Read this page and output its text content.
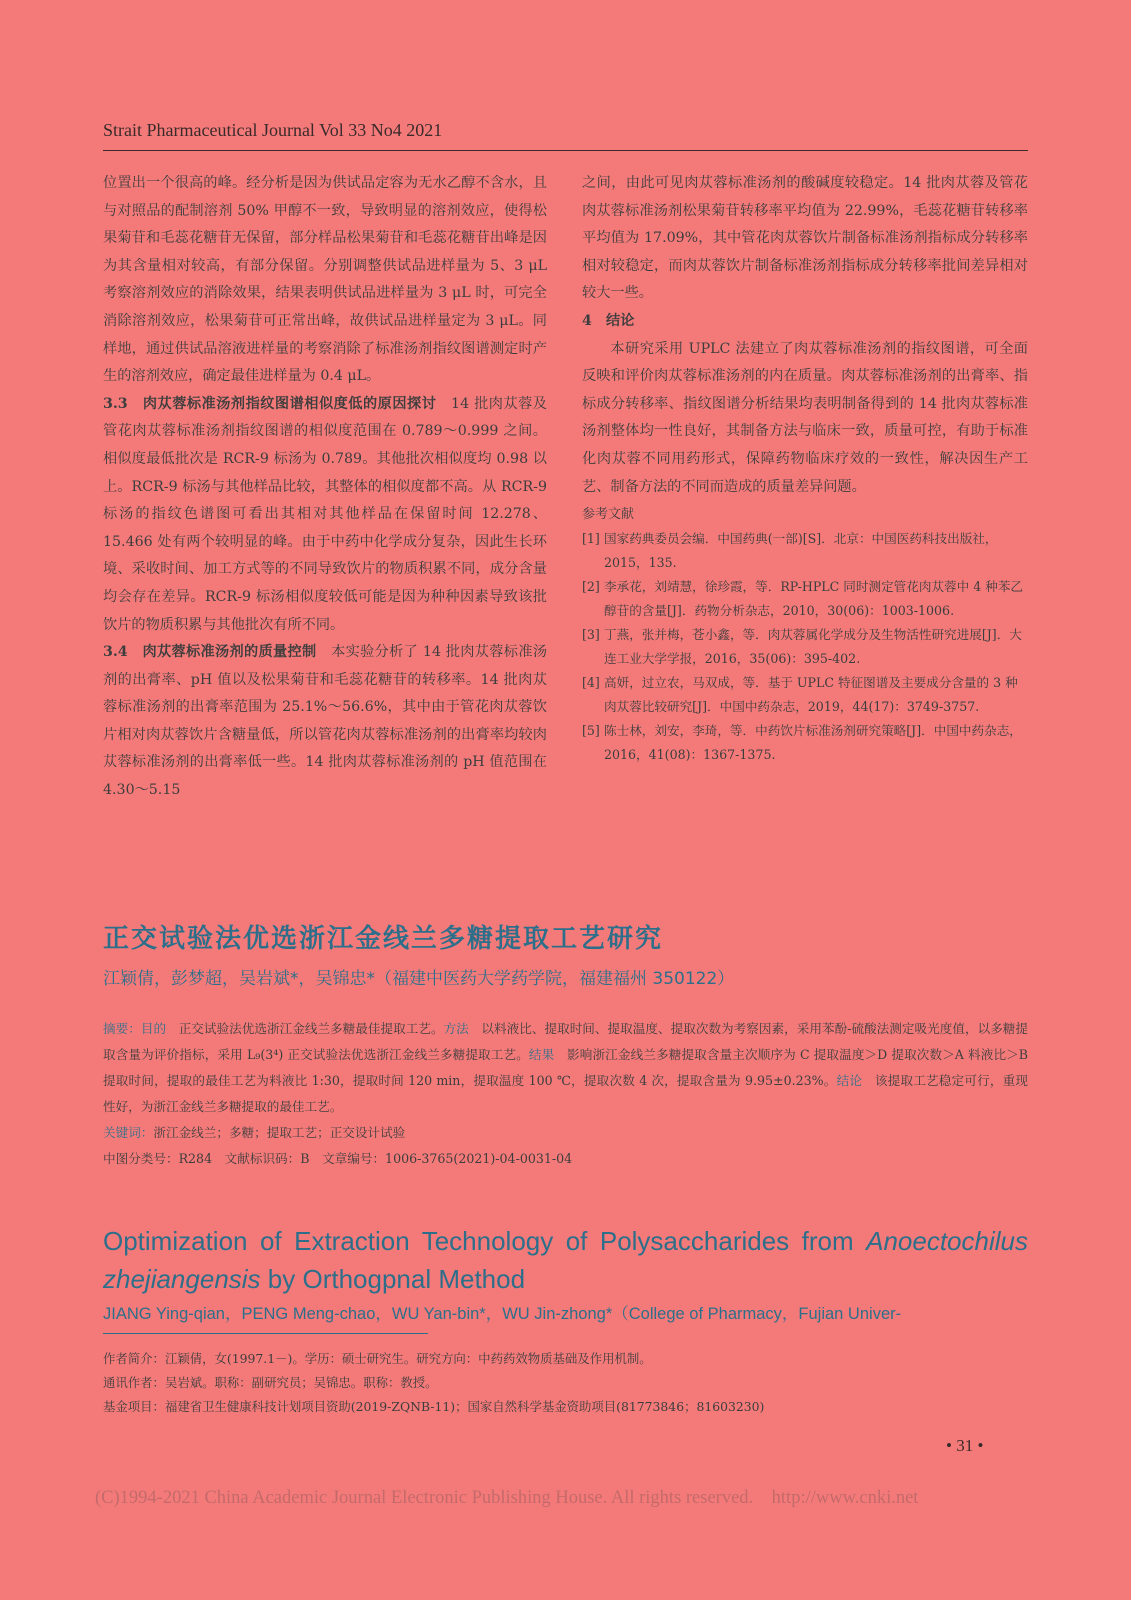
Strait Pharmaceutical Journal Vol 33 No4 2021

位置出一个很高的峰。经分析是因为供试品定容为无水乙醇不含水，且与对照品的配制溶剂 50% 甲醇不一致，导致明显的溶剂效应，使得松果菊苷和毛蕊花糖苷无保留，部分样品松果菊苷和毛蕊花糖苷出峰是因为其含量相对较高，有部分保留。分别调整供试品进样量为 5、3 μL 考察溶剂效应的消除效果，结果表明供试品进样量为 3 μL 时，可完全消除溶剂效应，松果菊苷可正常出峰，故供试品进样量定为 3 μL。同样地，通过供试品溶液进样量的考察消除了标准汤剂指纹图谱测定时产生的溶剂效应，确定最佳进样量为 0.4 μL。

3.3　肉苁蓉标准汤剂指纹图谱相似度低的原因探讨　14 批肉苁蓉及管花肉苁蓉标准汤剂指纹图谱的相似度范围在 0.789～0.999 之间。相似度最低批次是 RCR-9 标汤为 0.789。其他批次相似度均 0.98 以上。RCR-9 标汤与其他样品比较，其整体的相似度都不高。从 RCR-9 标汤的指纹色谱图可看出其相对其他样品在保留时间 12.278、15.466 处有两个较明显的峰。由于中药中化学成分复杂，因此生长环境、采收时间、加工方式等的不同导致饮片的物质积累不同，成分含量均会存在差异。RCR-9 标汤相似度较低可能是因为种种因素导致该批饮片的物质积累与其他批次有所不同。

3.4　肉苁蓉标准汤剂的质量控制　本实验分析了 14 批肉苁蓉标准汤剂的出膏率、pH 值以及松果菊苷和毛蕊花糖苷的转移率。14 批肉苁蓉标准汤剂的出膏率范围为 25.1%～56.6%，其中由于管花肉苁蓉饮片相对肉苁蓉饮片含糖量低，所以管花肉苁蓉标准汤剂的出膏率均较肉苁蓉标准汤剂的出膏率低一些。14 批肉苁蓉标准汤剂的 pH 值范围在 4.30～5.15

之间，由此可见肉苁蓉标准汤剂的酸碱度较稳定。14 批肉苁蓉及管花肉苁蓉标准汤剂松果菊苷转移率平均值为 22.99%，毛蕊花糖苷转移率平均值为 17.09%，其中管花肉苁蓉饮片制备标准汤剂指标成分转移率相对较稳定，而肉苁蓉饮片制备标准汤剂指标成分转移率批间差异相对较大一些。

4　结论

本研究采用 UPLC 法建立了肉苁蓉标准汤剂的指纹图谱，可全面反映和评价肉苁蓉标准汤剂的内在质量。肉苁蓉标准汤剂的出膏率、指标成分转移率、指纹图谱分析结果均表明制备得到的 14 批肉苁蓉标准汤剂整体均一性良好，其制备方法与临床一致，质量可控，有助于标准化肉苁蓉不同用药形式，保障药物临床疗效的一致性，解决因生产工艺、制备方法的不同而造成的质量差异问题。

参考文献
[1] 国家药典委员会编．中国药典(一部)[S]．北京：中国医药科技出版社，2015，135.
[2] 李承花，刘靖慧，徐珍霞，等．RP-HPLC 同时测定管花肉苁蓉中 4 种苯乙醇苷的含量[J]．药物分析杂志，2010，30(06)：1003-1006.
[3] 丁燕，张并梅，苍小鑫，等．肉苁蓉属化学成分及生物活性研究进展[J]．大连工业大学学报，2016，35(06)：395-402.
[4] 高妍，过立农，马双成，等．基于 UPLC 特征图谱及主要成分含量的 3 种肉苁蓉比较研究[J]．中国中药杂志，2019，44(17)：3749-3757.
[5] 陈士林，刘安，李琦，等．中药饮片标准汤剂研究策略[J]．中国中药杂志，2016，41(08)：1367-1375.
正交试验法优选浙江金线兰多糖提取工艺研究
江颖倩，彭梦超，吴岩斌*，吴锦忠*（福建中医药大学药学院，福建福州 350122）

摘要：目的　正交试验法优选浙江金线兰多糖最佳提取工艺。方法　以料液比、提取时间、提取温度、提取次数为考察因素，采用苯酚-硫酸法测定吸光度值，以多糖提取含量为评价指标，采用 L₉(3⁴) 正交试验法优选浙江金线兰多糖提取工艺。结果　影响浙江金线兰多糖提取含量主次顺序为 C 提取温度＞D 提取次数＞A 料液比＞B 提取时间，提取的最佳工艺为料液比 1:30，提取时间 120 min，提取温度 100 ℃，提取次数 4 次，提取含量为 9.95±0.23%。结论　该提取工艺稳定可行，重现性好，为浙江金线兰多糖提取的最佳工艺。

关键词：浙江金线兰；多糖；提取工艺；正交设计试验

中图分类号：R284　文献标识码：B　文章编号：1006-3765(2021)-04-0031-04

Optimization of Extraction Technology of Polysaccharides from Anoectochilus zhejiangensis by Orthogpnal Method
JIANG Ying-qian，PENG Meng-chao，WU Yan-bin*，WU Jin-zhong*（College of Pharmacy，Fujian Univer-

作者简介：江颖倩，女(1997.1－)。学历：硕士研究生。研究方向：中药药效物质基础及作用机制。

通讯作者：吴岩斌。职称：副研究员；吴锦忠。职称：教授。

基金项目：福建省卫生健康科技计划项目资助(2019-ZQNB-11)；国家自然科学基金资助项目(81773846；81603230)

• 31 •
(C)1994-2021 China Academic Journal Electronic Publishing House. All rights reserved.　http://www.cnki.net
